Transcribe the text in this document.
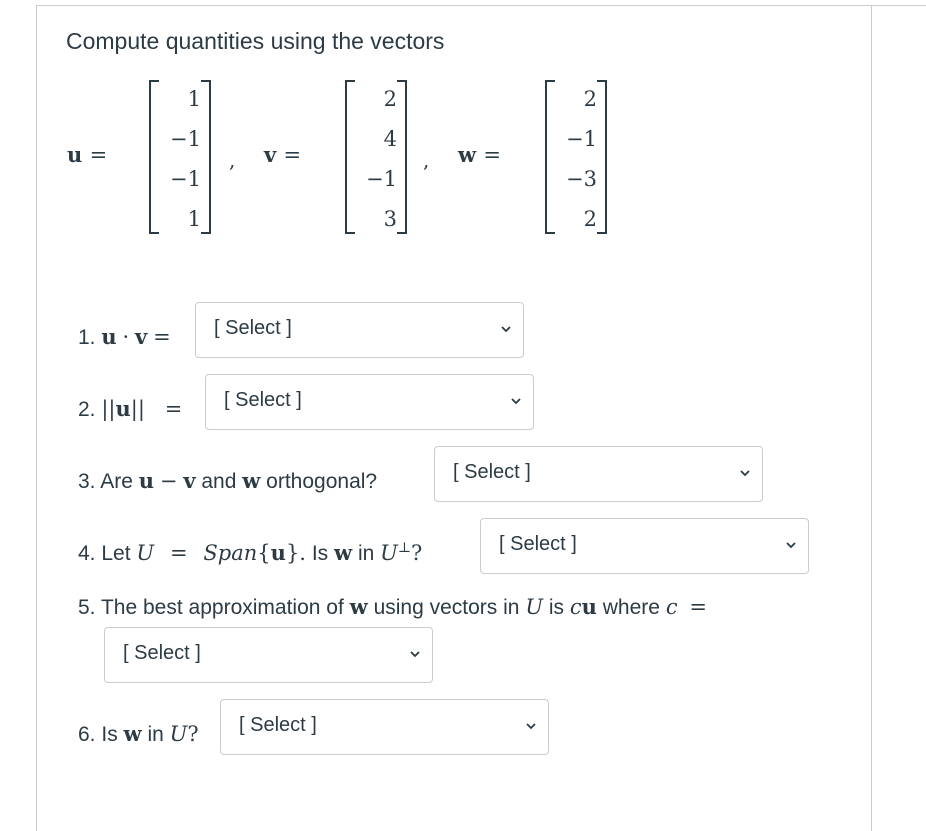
Compute quantities using the vectors
u =
1
−1
−1
1
, v =
2
4
−1
3
, w =
2
−1
−3
2
1. u · v = [ Select ]
2. ||u|| = [ Select ]
3. Are u − v and w orthogonal?	[ Select ]
4. Let U = Span{u}. Is w in U⊥?	[ Select ]
5. The best approximation of w using vectors in U is cu where c =
[ Select ]
6. Is w in U? [ Select ]
